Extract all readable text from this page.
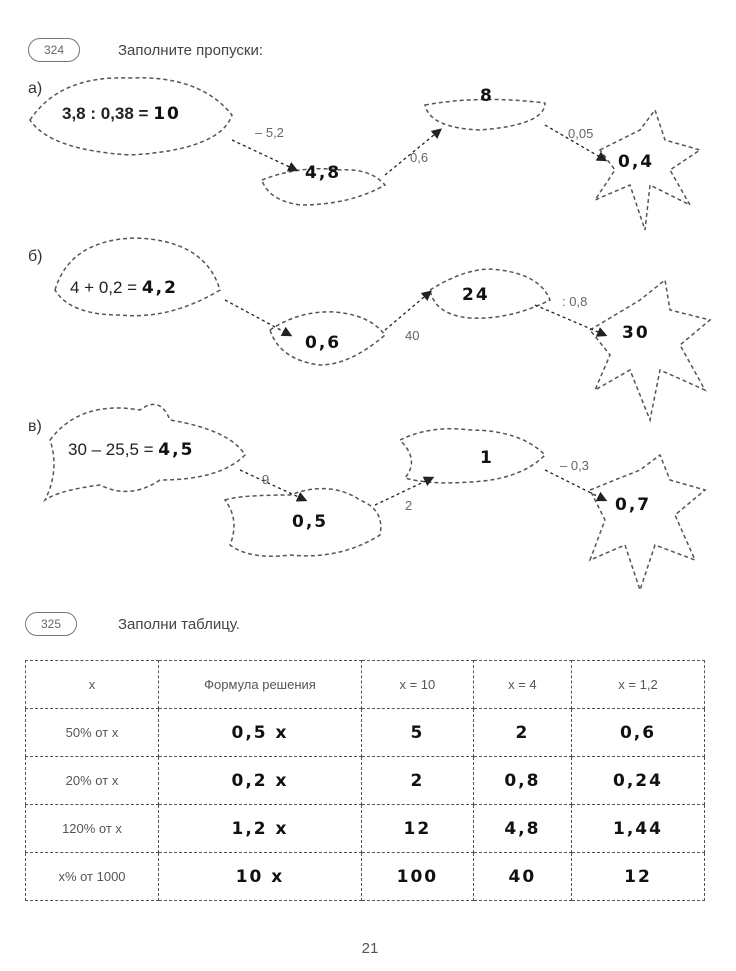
324	Заполните пропуски:
а)
3,8 : 0,38 = 10
– 5,2
4,8
0,6
8
0,05
0,4
б)
4 + 0,2 = 4,2
0,6	40
24	: 0,8
30
в)
30 – 25,5 = 4,5
9
0,5
2
1	– 0,3
0,7
325	Заполни таблицу.
x	Формула решения	x = 10	x = 4	x = 1,2
50% от x	0,5 x	5	2	0,6
20% от x	0,2 x	2	0,8	0,24
120% от x	1,2 x	12	4,8	1,44
x% от 1000	10 x	100	40	12
21
